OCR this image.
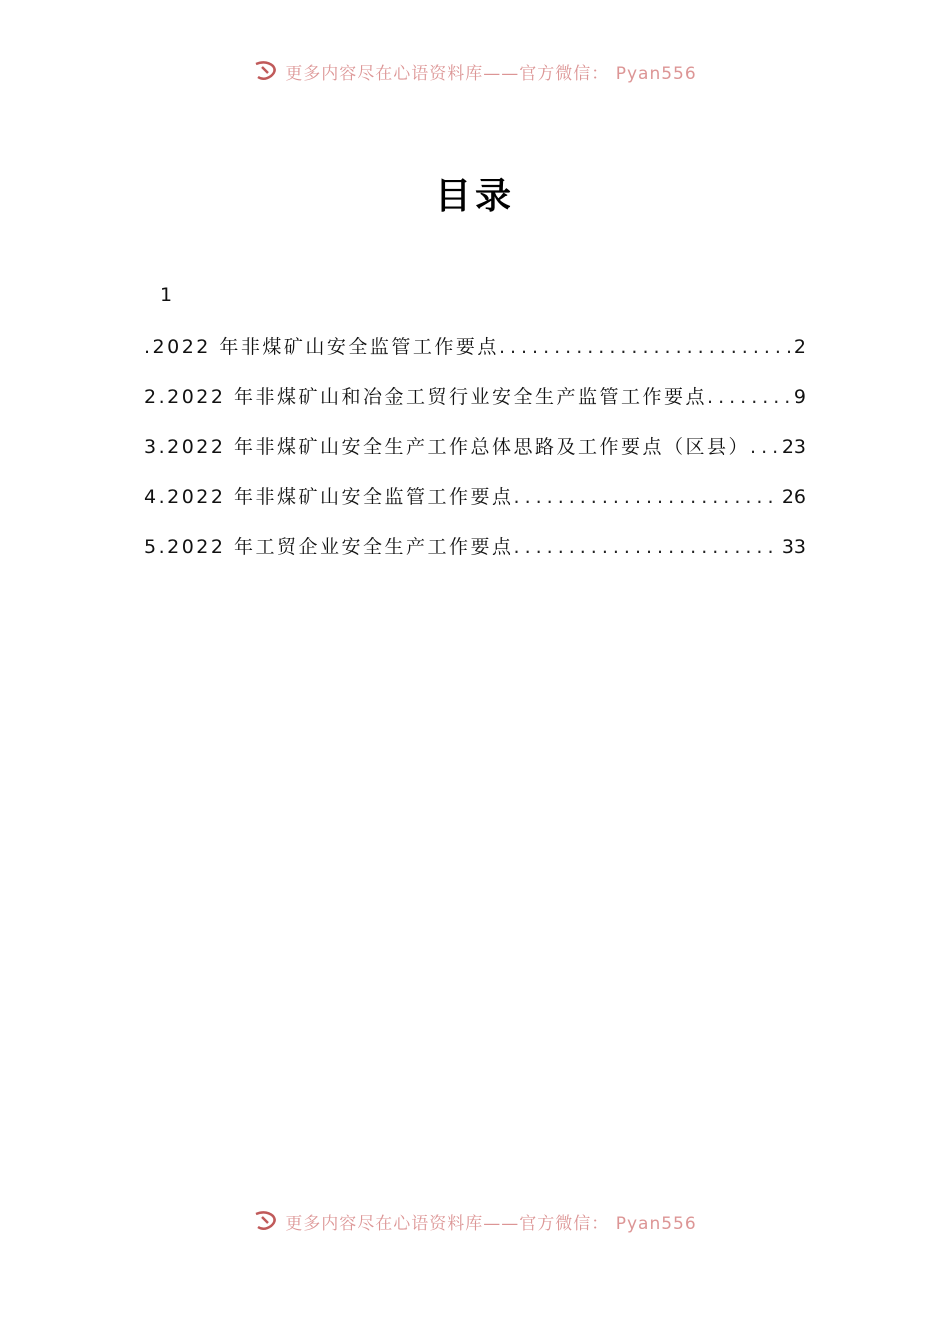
更多内容尽在心语资料库——官方微信： Pyan556
目录
1
.2022 年非煤矿山安全监管工作要点 .....	2
2.2022 年非煤矿山和冶金工贸行业安全生产监管工作要点 .....	9
3.2022 年非煤矿山安全生产工作总体思路及工作要点（区县） ..... 23
4.2022 年非煤矿山安全监管工作要点 .....	26
5.2022 年工贸企业安全生产工作要点 .....	33
更多内容尽在心语资料库——官方微信： Pyan556
